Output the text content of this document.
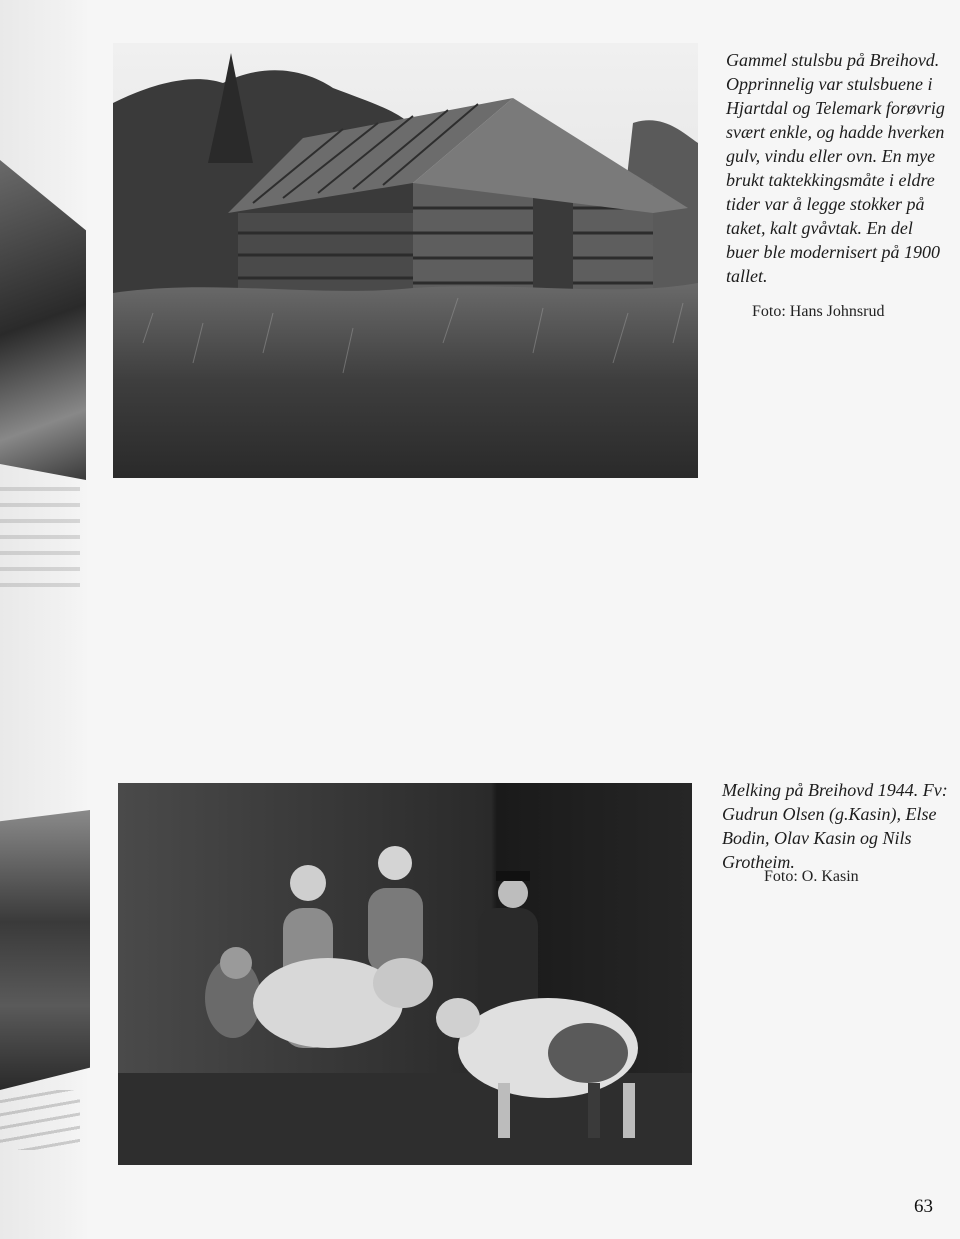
Gammel stulsbu på Breihovd. Opprinnelig var stulsbuene i Hjartdal og Telemark forøvrig svært enkle, og hadde hverken gulv, vindu eller ovn. En mye brukt taktekkingsmåte i eldre tider var å legge stokker på taket, kalt gvåvtak. En del buer ble modernisert på 1900 tallet.
Foto: Hans Johnsrud
Melking på Breihovd 1944. Fv: Gudrun Olsen (g.Kasin), Else Bodin, Olav Kasin og Nils Grotheim.
Foto: O. Kasin
63
